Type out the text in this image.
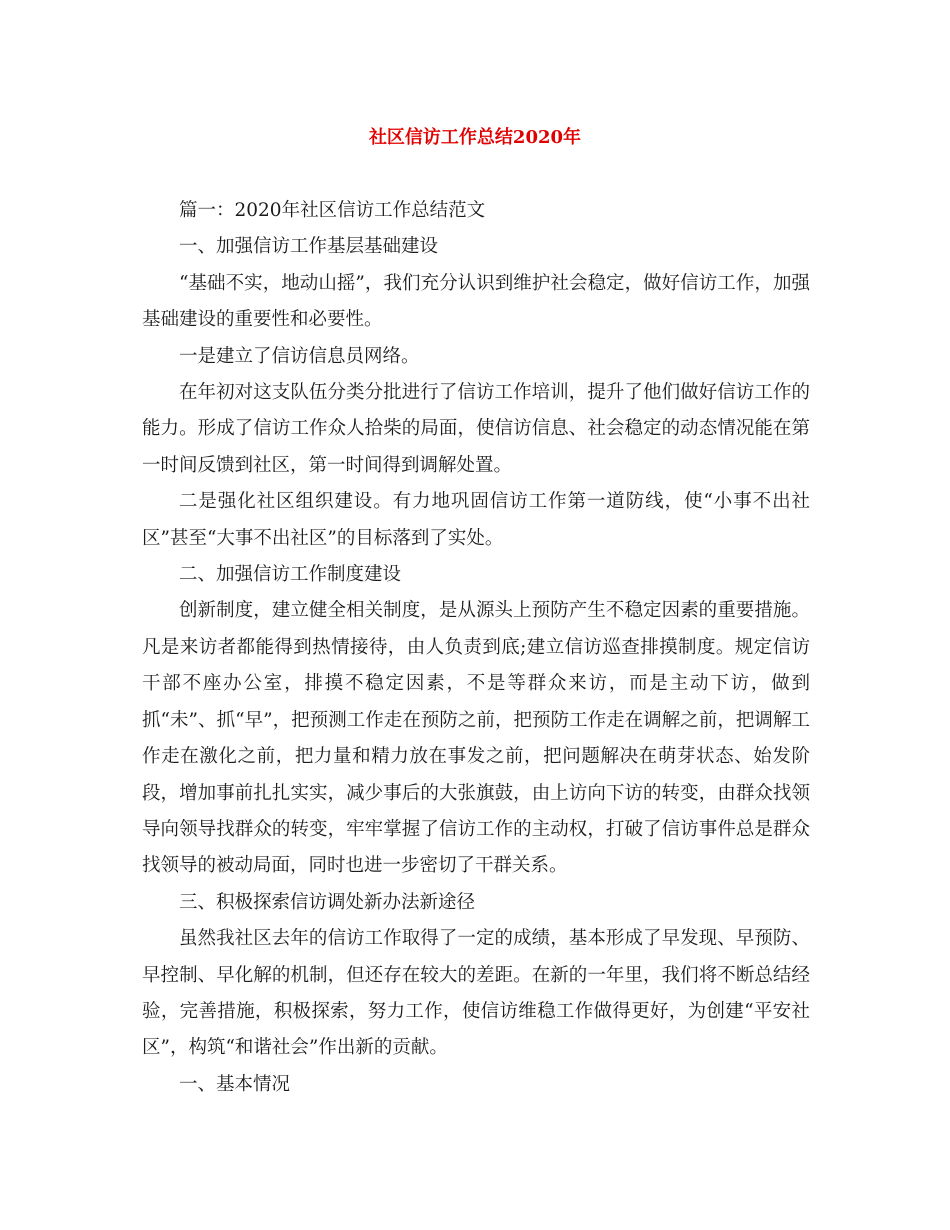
社区信访工作总结2020年

篇一：2020年社区信访工作总结范文

一、加强信访工作基层基础建设

“基础不实，地动山摇”，我们充分认识到维护社会稳定，做好信访工作，加强基础建设的重要性和必要性。

一是建立了信访信息员网络。

在年初对这支队伍分类分批进行了信访工作培训，提升了他们做好信访工作的能力。形成了信访工作众人拾柴的局面，使信访信息、社会稳定的动态情况能在第一时间反馈到社区，第一时间得到调解处置。

二是强化社区组织建设。有力地巩固信访工作第一道防线，使“小事不出社区”甚至“大事不出社区”的目标落到了实处。

二、加强信访工作制度建设

创新制度，建立健全相关制度，是从源头上预防产生不稳定因素的重要措施。凡是来访者都能得到热情接待，由人负责到底;建立信访巡查排摸制度。规定信访干部不座办公室，排摸不稳定因素，不是等群众来访，而是主动下访，做到抓“未”、抓“早”，把预测工作走在预防之前，把预防工作走在调解之前，把调解工作走在激化之前，把力量和精力放在事发之前，把问题解决在萌芽状态、始发阶段，增加事前扎扎实实，减少事后的大张旗鼓，由上访向下访的转变，由群众找领导向领导找群众的转变，牢牢掌握了信访工作的主动权，打破了信访事件总是群众找领导的被动局面，同时也进一步密切了干群关系。

三、积极探索信访调处新办法新途径

虽然我社区去年的信访工作取得了一定的成绩，基本形成了早发现、早预防、早控制、早化解的机制，但还存在较大的差距。在新的一年里，我们将不断总结经验，完善措施，积极探索，努力工作，使信访维稳工作做得更好，为创建“平安社区”，构筑“和谐社会”作出新的贡献。

一、基本情况
